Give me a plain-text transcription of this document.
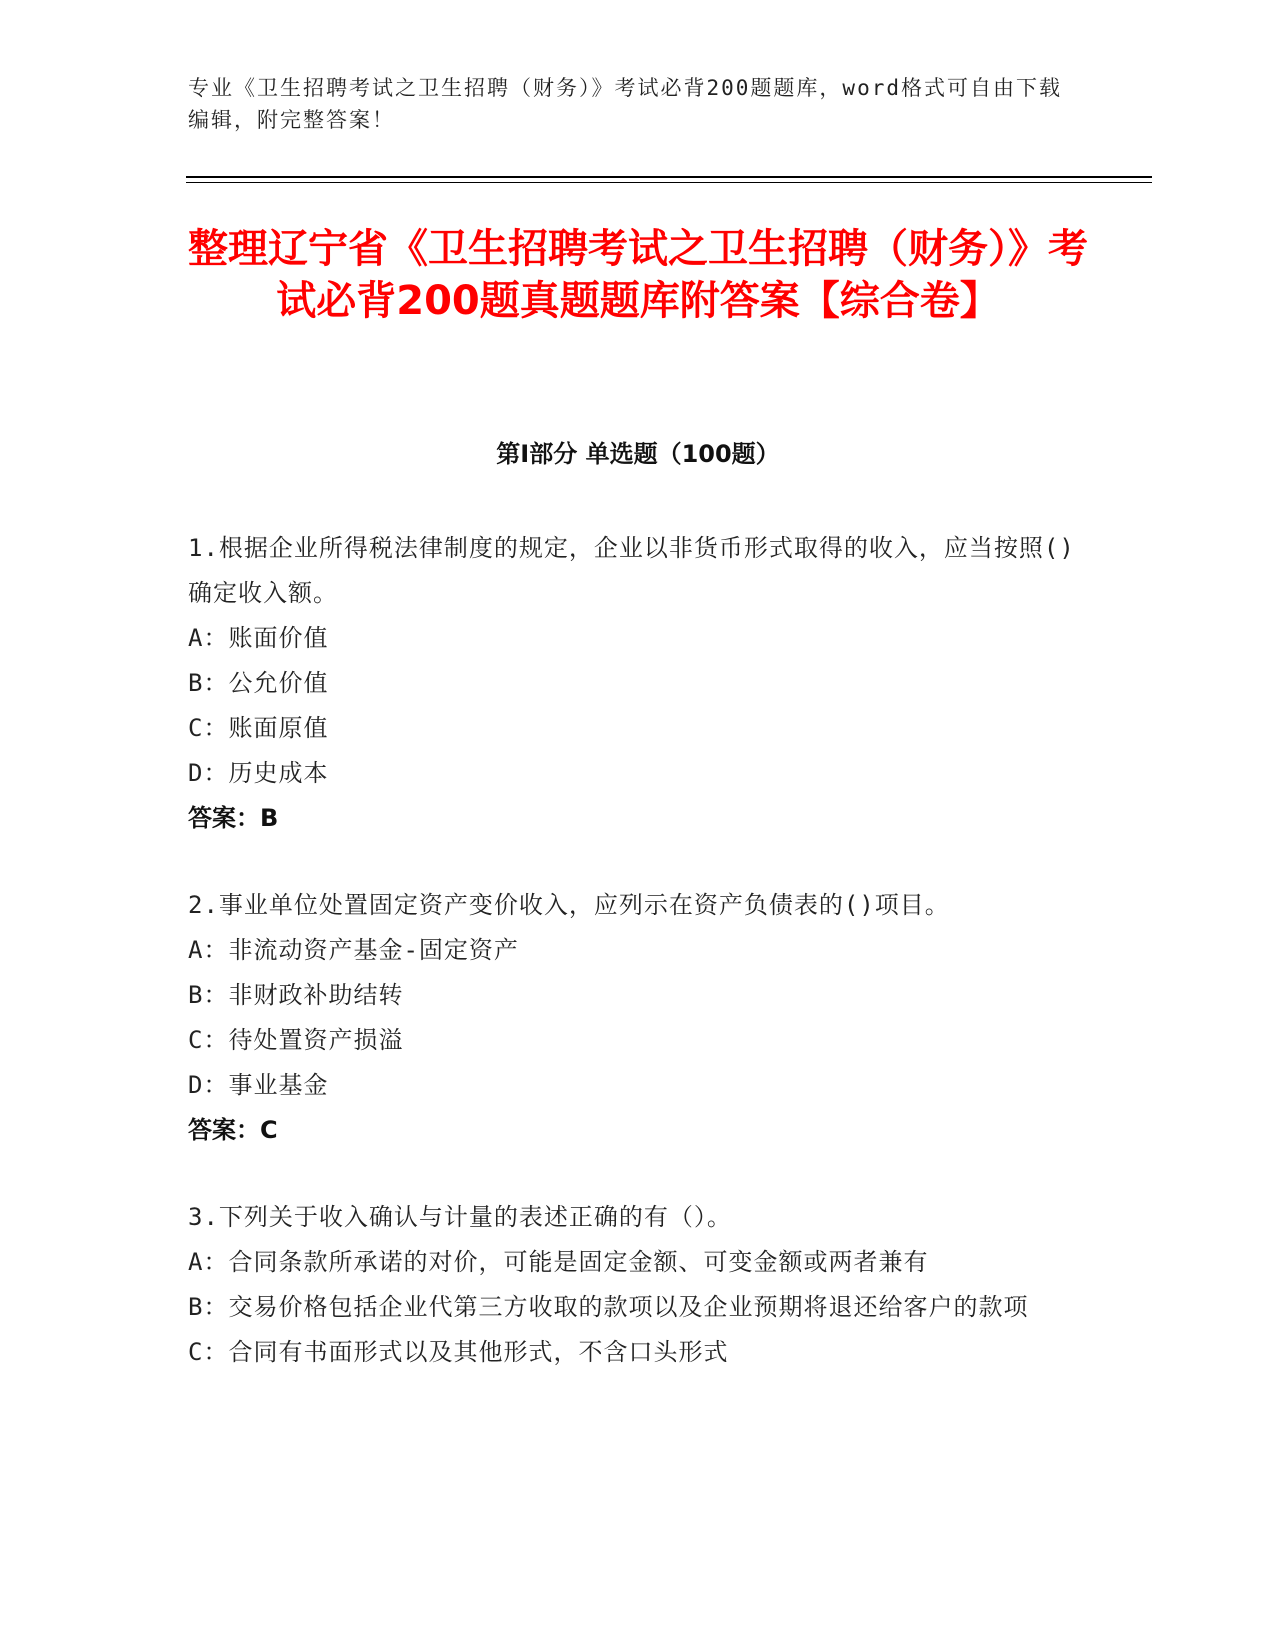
专业《卫生招聘考试之卫生招聘（财务）》考试必背200题题库，word格式可自由下载编辑，附完整答案！
整理辽宁省《卫生招聘考试之卫生招聘（财务）》考试必背200题真题题库附答案【综合卷】
第Ⅰ部分 单选题（100题）
1.根据企业所得税法律制度的规定，企业以非货币形式取得的收入，应当按照()确定收入额。
A：账面价值
B：公允价值
C：账面原值
D：历史成本
答案：B
2.事业单位处置固定资产变价收入，应列示在资产负债表的()项目。
A：非流动资产基金-固定资产
B：非财政补助结转
C：待处置资产损溢
D：事业基金
答案：C
3.下列关于收入确认与计量的表述正确的有（）。
A：合同条款所承诺的对价，可能是固定金额、可变金额或两者兼有
B：交易价格包括企业代第三方收取的款项以及企业预期将退还给客户的款项
C：合同有书面形式以及其他形式，不含口头形式
